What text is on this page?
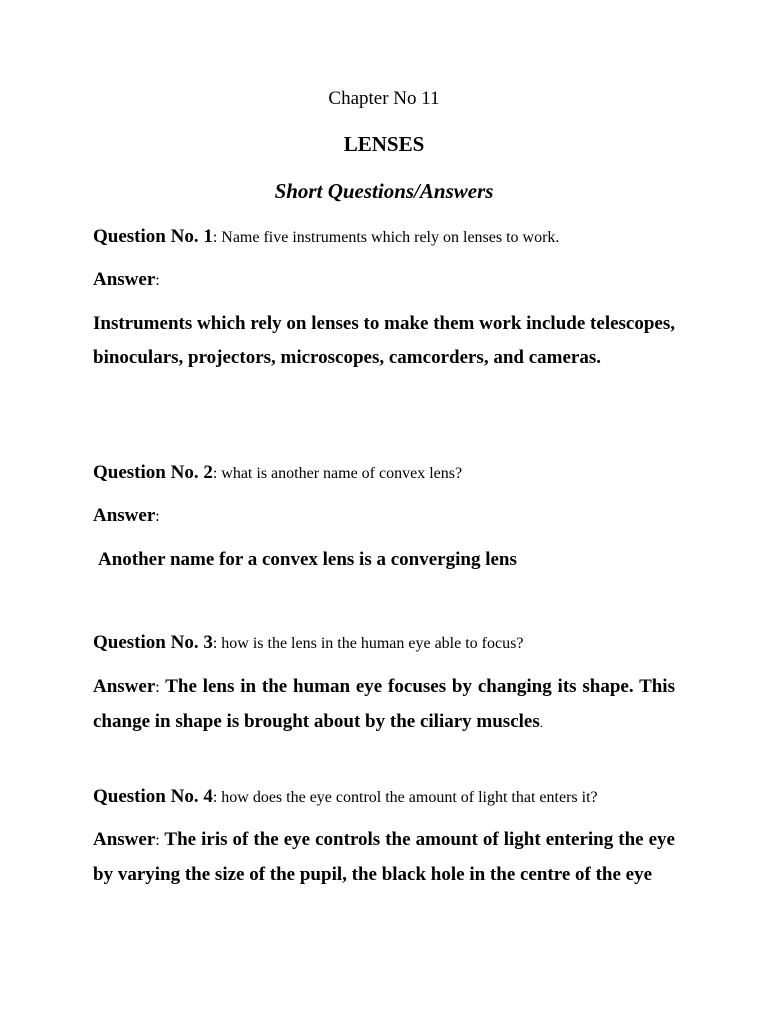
Chapter No 11
LENSES
Short Questions/Answers
Question No. 1: Name five instruments which rely on lenses to work.
Answer:
Instruments which rely on lenses to make them work include telescopes, binoculars, projectors, microscopes, camcorders, and cameras.
Question No. 2: what is another name of convex lens?
Answer:
Another name for a convex lens is a converging lens
Question No. 3: how is the lens in the human eye able to focus?
Answer: The lens in the human eye focuses by changing its shape. This change in shape is brought about by the ciliary muscles.
Question No. 4: how does the eye control the amount of light that enters it?
Answer: The iris of the eye controls the amount of light entering the eye by varying the size of the pupil, the black hole in the centre of the eye
